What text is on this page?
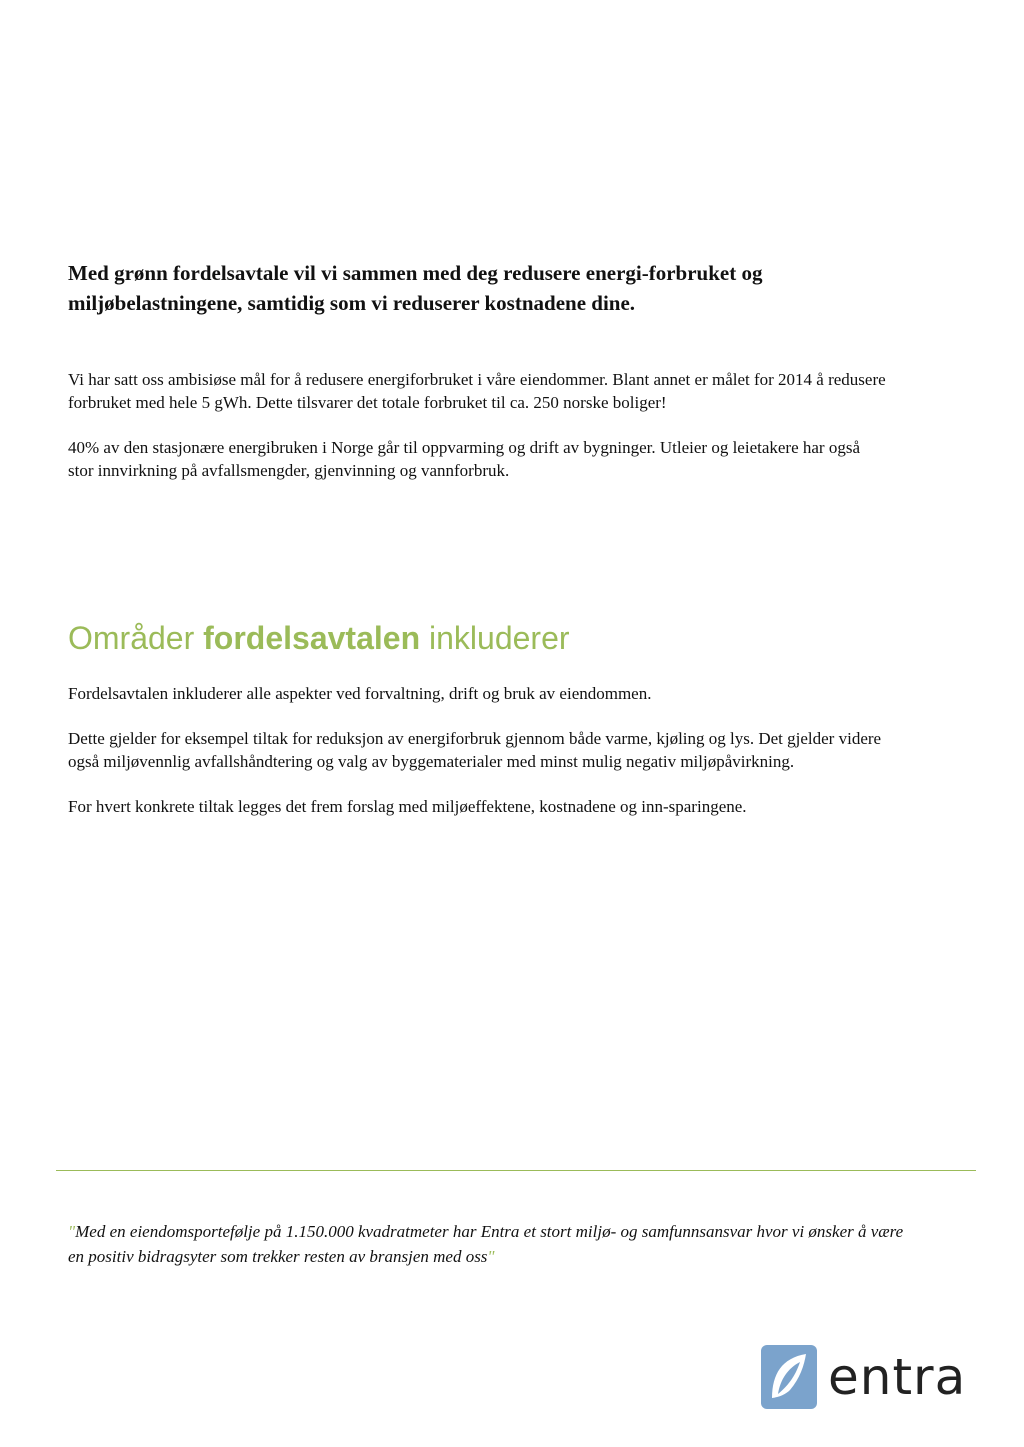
Med grønn fordelsavtale vil vi sammen med deg redusere energi-forbruket og miljøbelastningene, samtidig som vi reduserer kostnadene dine.

Vi har satt oss ambisiøse mål for å redusere energiforbruket i våre eiendommer. Blant annet er målet for 2014 å redusere forbruket med hele 5 gWh. Dette tilsvarer det totale forbruket til ca. 250 norske boliger!

40% av den stasjonære energibruken i Norge går til oppvarming og drift av bygninger. Utleier og leietakere har også stor innvirkning på avfallsmengder, gjenvinning og vannforbruk.

Områder fordelsavtalen inkluderer

Fordelsavtalen inkluderer alle aspekter ved forvaltning, drift og bruk av eiendommen.

Dette gjelder for eksempel tiltak for reduksjon av energiforbruk gjennom både varme, kjøling og lys. Det gjelder videre også miljøvennlig avfallshåndtering og valg av byggematerialer med minst mulig negativ miljøpåvirkning.

For hvert konkrete tiltak legges det frem forslag med miljøeffektene, kostnadene og inn-sparingene.

"Med en eiendomsportefølje på 1.150.000 kvadratmeter har Entra et stort miljø- og samfunnsansvar hvor vi ønsker å være en positiv bidragsyter som trekker resten av bransjen med oss"

entra
